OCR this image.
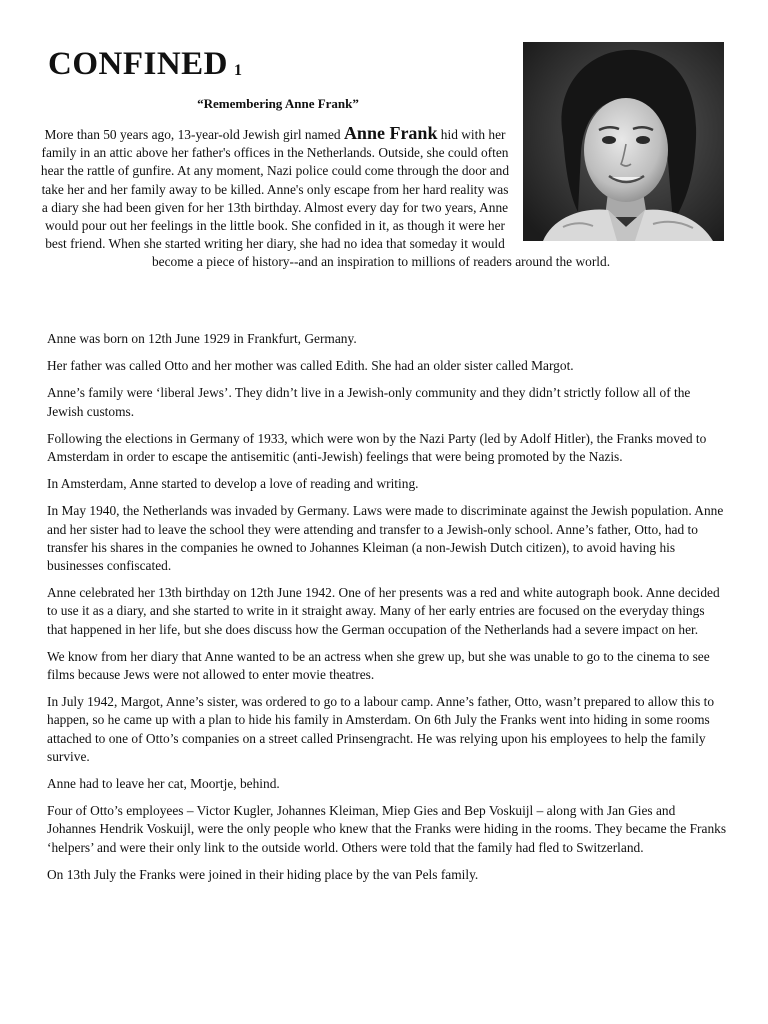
CONFINED 1
“Remembering Anne Frank”

More than 50 years ago, 13-year-old Jewish girl named Anne Frank hid with her family in an attic above her father's offices in the Netherlands. Outside, she could often hear the rattle of gunfire. At any moment, Nazi police could come through the door and take her and her family away to be killed. Anne's only escape from her hard reality was a diary she had been given for her 13th birthday. Almost every day for two years, Anne would pour out her feelings in the little book. She confided in it, as though it were her best friend. When she started writing her diary, she had no idea that someday it would become a piece of history--and an inspiration to millions of readers around the world.

Anne was born on 12th June 1929 in Frankfurt, Germany.

Her father was called Otto and her mother was called Edith. She had an older sister called Margot.

Anne’s family were ‘liberal Jews’. They didn’t live in a Jewish-only community and they didn’t strictly follow all of the Jewish customs.

Following the elections in Germany of 1933, which were won by the Nazi Party (led by Adolf Hitler), the Franks moved to Amsterdam in order to escape the antisemitic (anti-Jewish) feelings that were being promoted by the Nazis.

In Amsterdam, Anne started to develop a love of reading and writing.

In May 1940, the Netherlands was invaded by Germany. Laws were made to discriminate against the Jewish population. Anne and her sister had to leave the school they were attending and transfer to a Jewish-only school. Anne’s father, Otto, had to transfer his shares in the companies he owned to Johannes Kleiman (a non-Jewish Dutch citizen), to avoid having his businesses confiscated.

Anne celebrated her 13th birthday on 12th June 1942. One of her presents was a red and white autograph book. Anne decided to use it as a diary, and she started to write in it straight away. Many of her early entries are focused on the everyday things that happened in her life, but she does discuss how the German occupation of the Netherlands had a severe impact on her.

We know from her diary that Anne wanted to be an actress when she grew up, but she was unable to go to the cinema to see films because Jews were not allowed to enter movie theatres.

In July 1942, Margot, Anne’s sister, was ordered to go to a labour camp. Anne’s father, Otto, wasn’t prepared to allow this to happen, so he came up with a plan to hide his family in Amsterdam. On 6th July the Franks went into hiding in some rooms attached to one of Otto’s companies on a street called Prinsengracht. He was relying upon his employees to help the family survive.

Anne had to leave her cat, Moortje, behind.

Four of Otto’s employees – Victor Kugler, Johannes Kleiman, Miep Gies and Bep Voskuijl – along with Jan Gies and Johannes Hendrik Voskuijl, were the only people who knew that the Franks were hiding in the rooms. They became the Franks ‘helpers’ and were their only link to the outside world. Others were told that the family had fled to Switzerland.

On 13th July the Franks were joined in their hiding place by the van Pels family.
